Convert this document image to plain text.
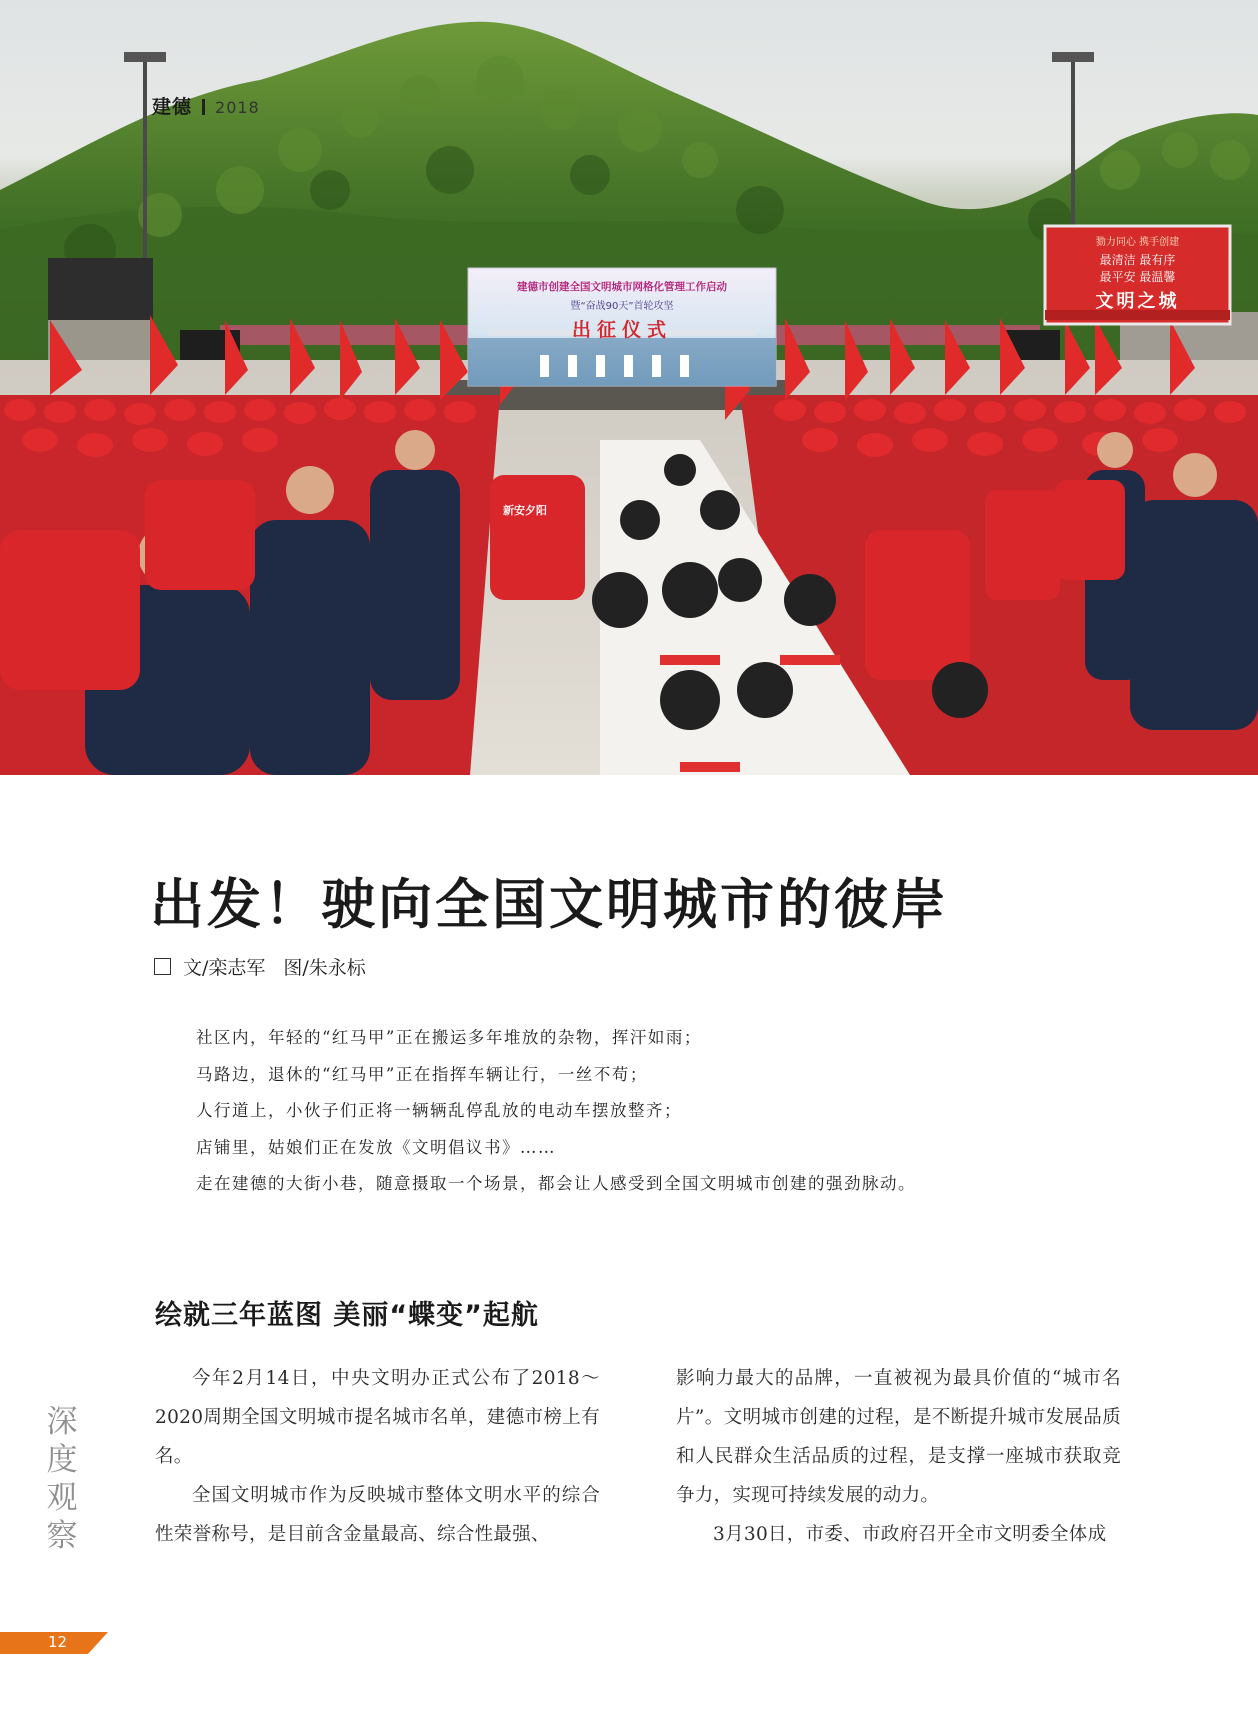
建德市创建全国文明城市网格化管理工作启动
暨“奋战90天”首轮攻坚
出征仪式
勠力同心 携手创建
最清洁 最有序
最平安 最温馨
文明之城
新安夕阳
建德 2018
出发！驶向全国文明城市的彼岸
文/栾志军 图/朱永标

社区内，年轻的“红马甲”正在搬运多年堆放的杂物，挥汗如雨；

马路边，退休的“红马甲”正在指挥车辆让行，一丝不苟；

人行道上，小伙子们正将一辆辆乱停乱放的电动车摆放整齐；

店铺里，姑娘们正在发放《文明倡议书》……

走在建德的大街小巷，随意摄取一个场景，都会让人感受到全国文明城市创建的强劲脉动。

绘就三年蓝图 美丽“蝶变”起航

今年2月14日，中央文明办正式公布了2018～2020周期全国文明城市提名城市名单，建德市榜上有名。

全国文明城市作为反映城市整体文明水平的综合性荣誉称号，是目前含金量最高、综合性最强、

影响力最大的品牌，一直被视为最具价值的“城市名片”。文明城市创建的过程，是不断提升城市发展品质和人民群众生活品质的过程，是支撑一座城市获取竞争力，实现可持续发展的动力。

3月30日，市委、市政府召开全市文明委全体成

深
度
观
察
12
